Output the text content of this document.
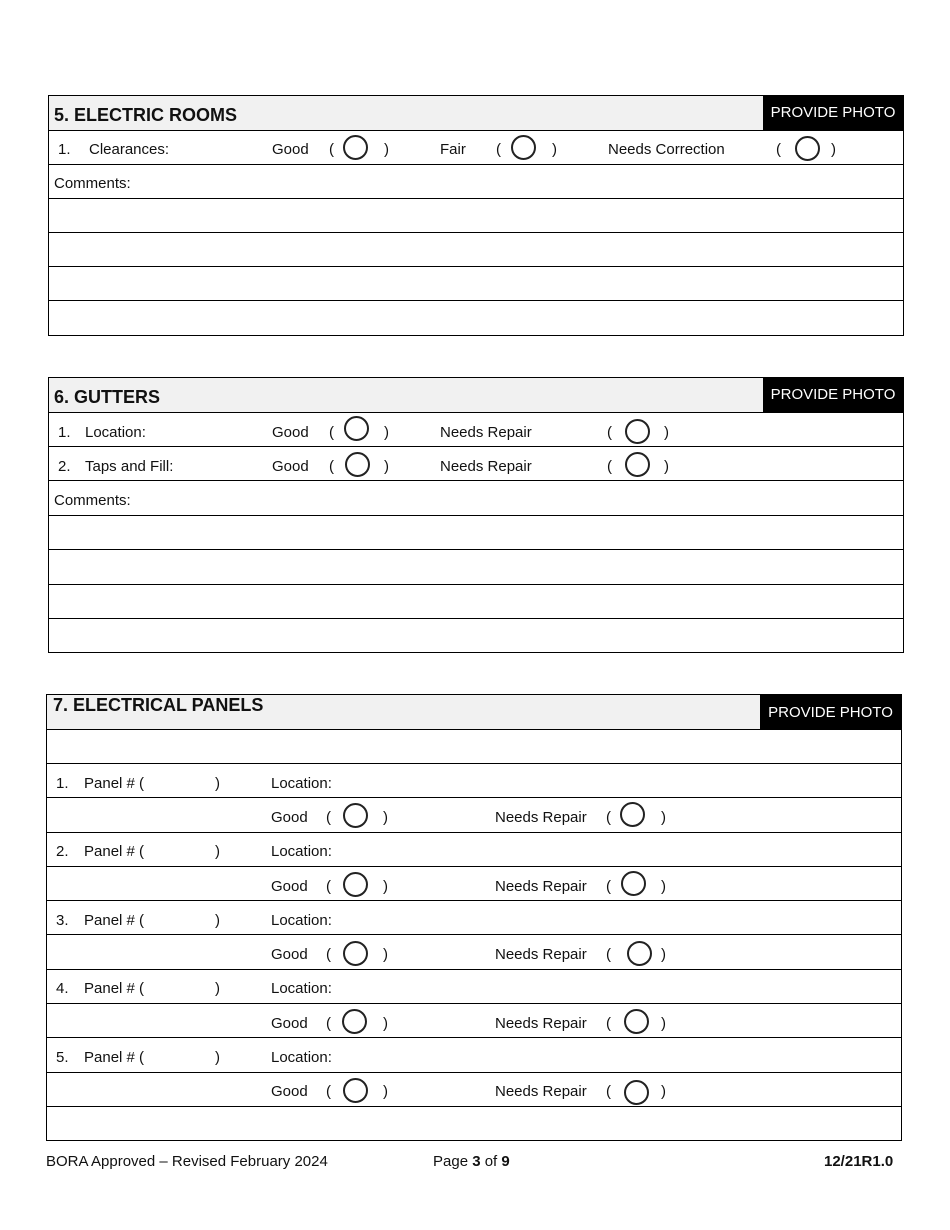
5. ELECTRIC ROOMS	PROVIDE PHOTO
1. Clearances:	Good (	)	Fair (	)	Needs Correction	(	)
Comments:
6. GUTTERS	PROVIDE PHOTO
1. Location:	Good (	)	Needs Repair	(	)
2. Taps and Fill:	Good (	)	Needs Repair	(	)
Comments:
7. ELECTRICAL PANELS	PROVIDE PHOTO
1. Panel # (	)	Location:
Good (	)	Needs Repair (	)
2. Panel # (	)	Location:
Good (	)	Needs Repair (	)
3. Panel # (	)	Location:
Good (	)	Needs Repair (	)
4. Panel # (	)	Location:
Good (	)	Needs Repair (	)
5. Panel # (	)	Location:
Good (	)	Needs Repair (	)
BORA Approved – Revised February 2024	Page 3 of 9	12/21R1.0
